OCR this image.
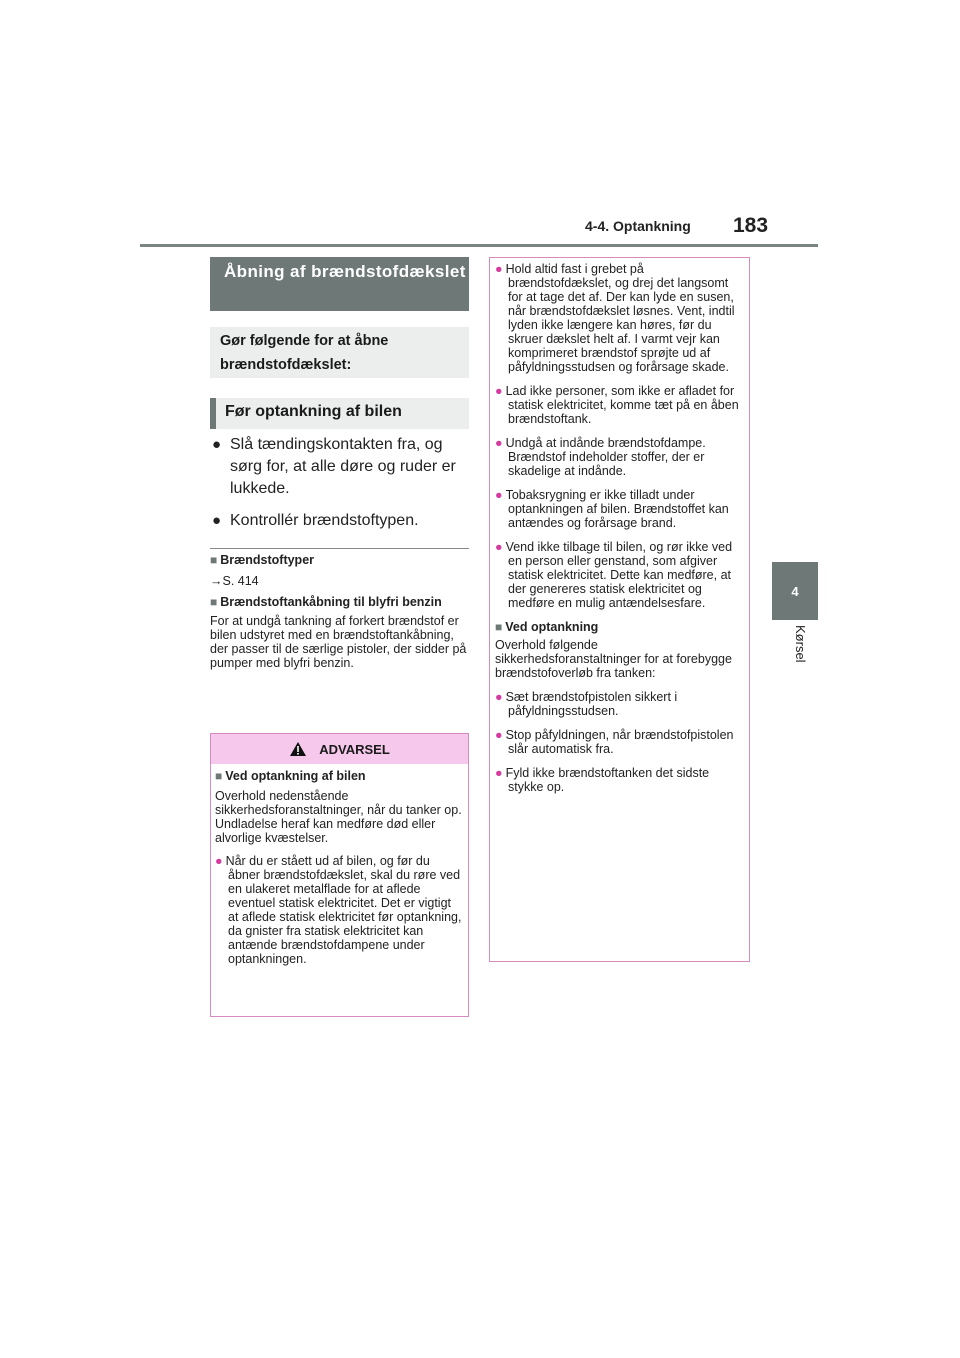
4-4. Optankning 183
4
Kørsel
Åbning af brændstofdækslet
Gør følgende for at åbne brændstofdækslet:
Før optankning af bilen
● Slå tændingskontakten fra, og sørg for, at alle døre og ruder er lukkede.
● Kontrollér brændstoftypen.
■ Brændstoftyper
→S. 414
■ Brændstoftankåbning til blyfri benzin
For at undgå tankning af forkert brændstof er bilen udstyret med en brændstoftankåbning, der passer til de særlige pistoler, der sidder på pumper med blyfri benzin.
ADVARSEL
■ Ved optankning af bilen
Overhold nedenstående sikkerhedsforanstaltninger, når du tanker op. Undladelse heraf kan medføre død eller alvorlige kvæstelser.
● Når du er ståett ud af bilen, og før du åbner brændstofdækslet, skal du røre ved en ulakeret metalflade for at aflede eventuel statisk elektricitet. Det er vigtigt at aflede statisk elektricitet før optankning, da gnister fra statisk elektricitet kan antænde brændstofdampene under optankningen.
● Hold altid fast i grebet på brændstofdækslet, og drej det langsomt for at tage det af. Der kan lyde en susen, når brændstofdækslet løsnes. Vent, indtil lyden ikke længere kan høres, før du skruer dækslet helt af. I varmt vejr kan komprimeret brændstof sprøjte ud af påfyldningsstudsen og forårsage skade.
● Lad ikke personer, som ikke er afladet for statisk elektricitet, komme tæt på en åben brændstoftank.
● Undgå at indånde brændstofdampe. Brændstof indeholder stoffer, der er skadelige at indånde.
● Tobaksrygning er ikke tilladt under optankningen af bilen. Brændstoffet kan antændes og forårsage brand.
● Vend ikke tilbage til bilen, og rør ikke ved en person eller genstand, som afgiver statisk elektricitet. Dette kan medføre, at der genereres statisk elektricitet og medføre en mulig antændelsesfare.
■ Ved optankning
Overhold følgende sikkerhedsforanstaltninger for at forebygge brændstofoverløb fra tanken:
● Sæt brændstofpistolen sikkert i påfyldningsstudsen.
● Stop påfyldningen, når brændstofpistolen slår automatisk fra.
● Fyld ikke brændstoftanken det sidste stykke op.
